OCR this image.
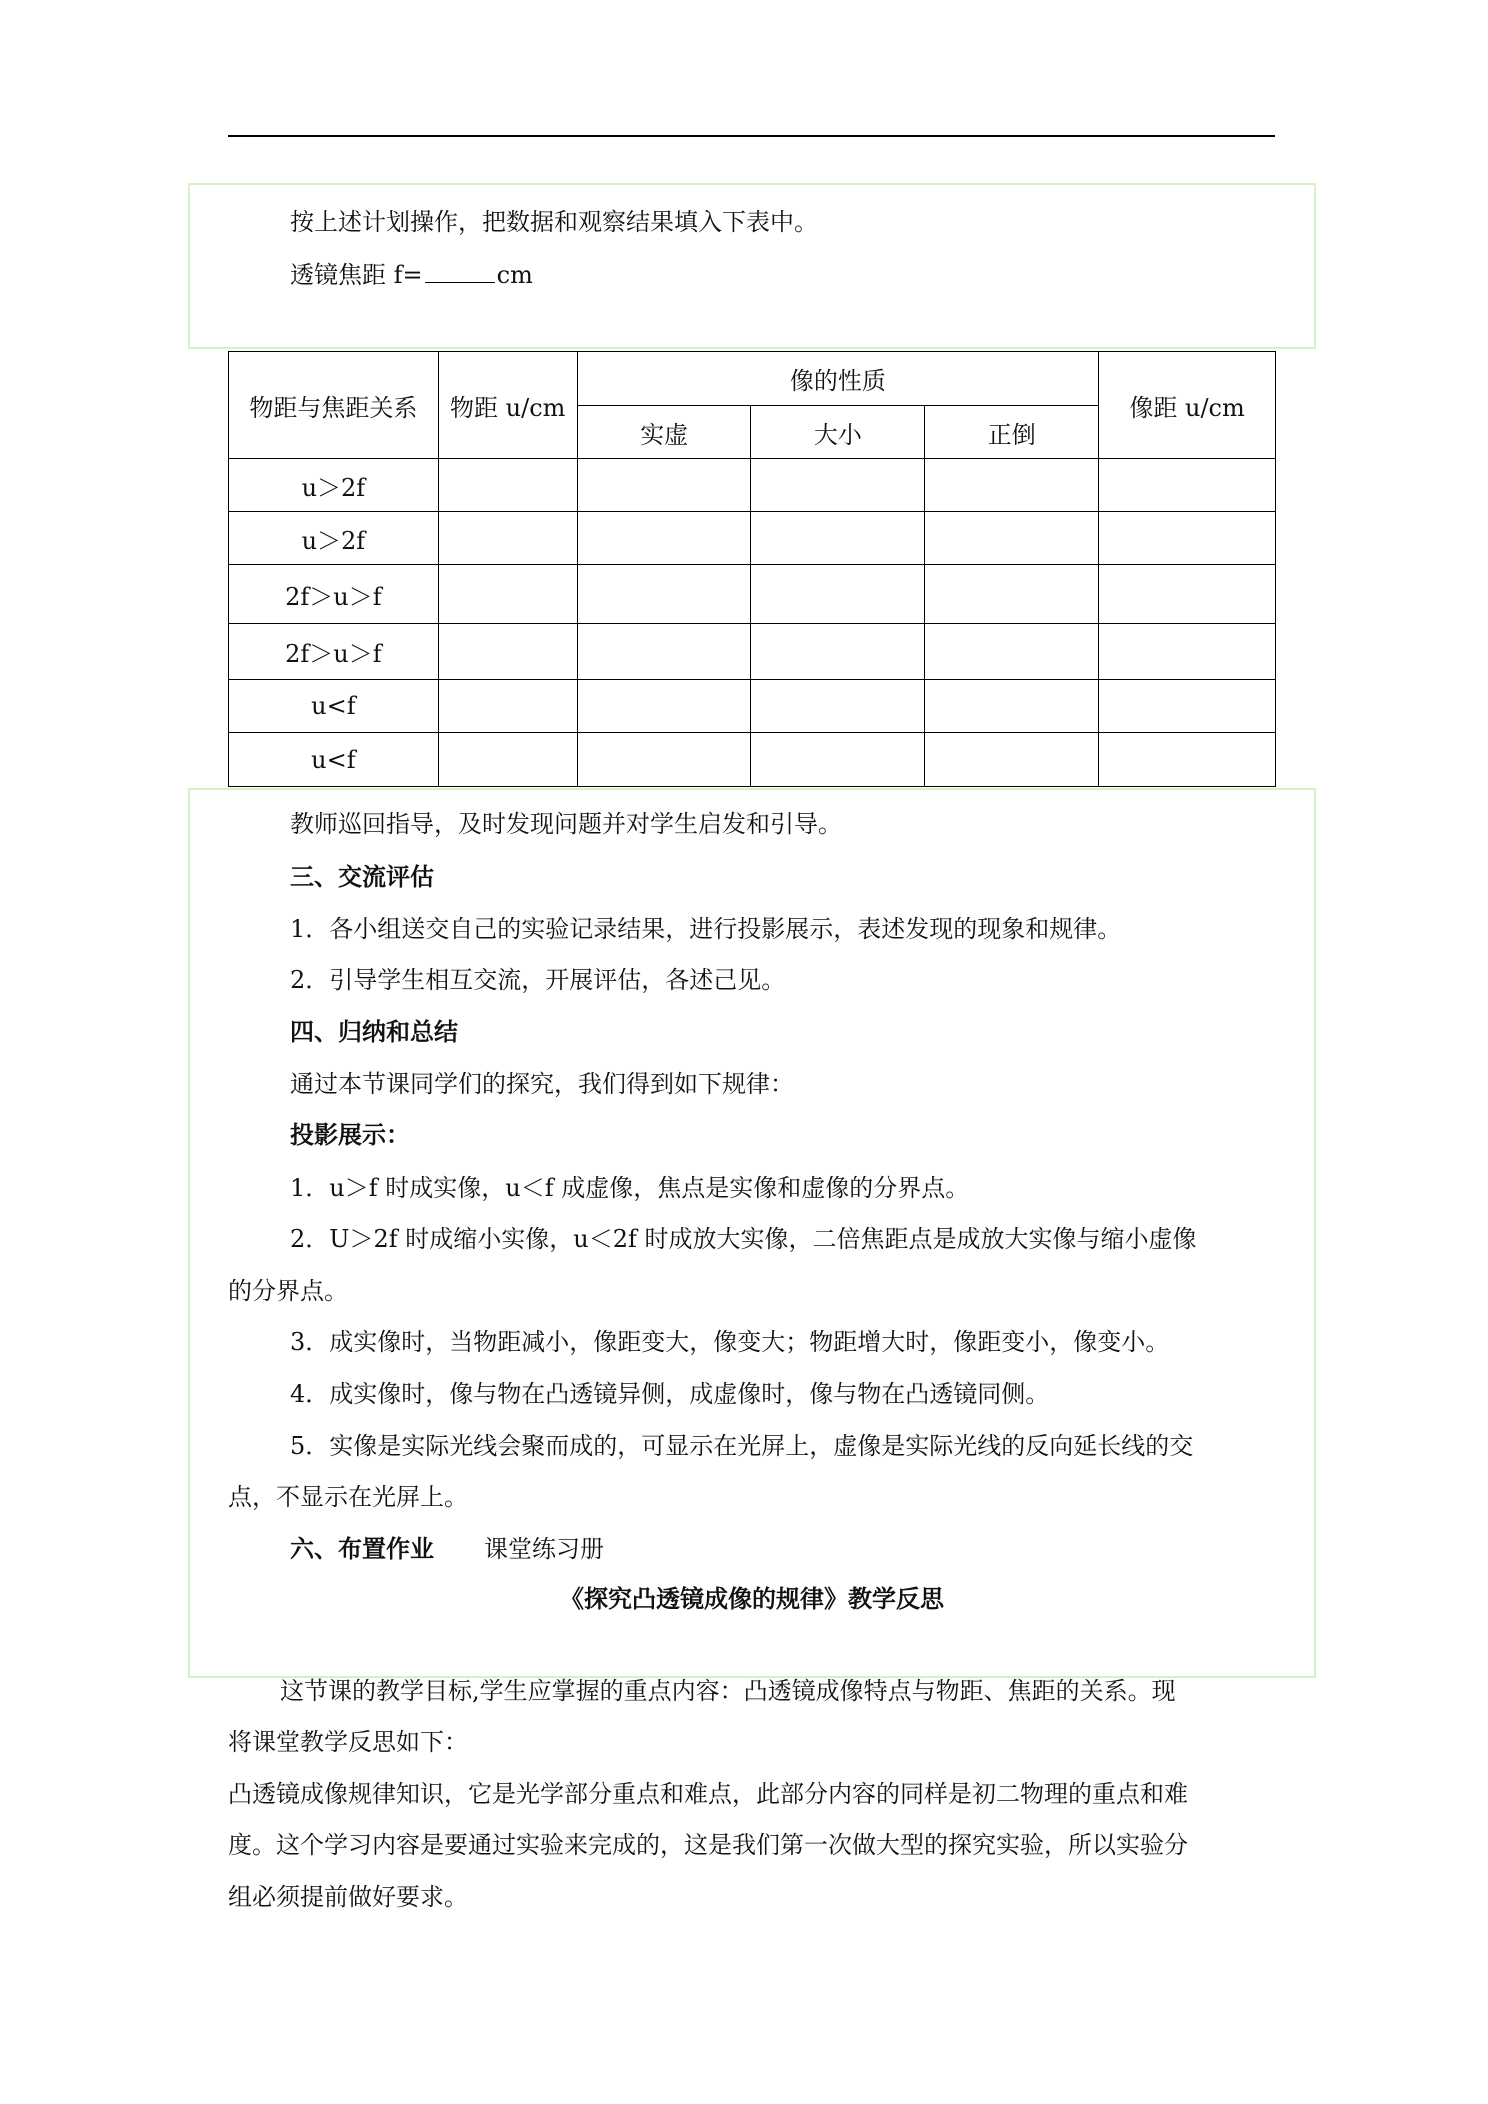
按上述计划操作，把数据和观察结果填入下表中。
透镜焦距 f=	cm
物距与焦距关系	物距 u/cm	像的性质			像距 u/cm
		实虚	大小	正倒	
u＞2f					
u＞2f					
2f＞u＞f					
2f＞u＞f					
u<f					
u<f					
教师巡回指导，及时发现问题并对学生启发和引导。
三、交流评估
1．各小组送交自己的实验记录结果，进行投影展示，表述发现的现象和规律。
2．引导学生相互交流，开展评估，各述己见。
四、归纳和总结
通过本节课同学们的探究，我们得到如下规律：
投影展示：
1．u＞f 时成实像，u＜f 成虚像，焦点是实像和虚像的分界点。
2．U＞2f 时成缩小实像，u＜2f 时成放大实像，二倍焦距点是成放大实像与缩小虚像
的分界点。
3．成实像时，当物距减小，像距变大，像变大；物距增大时，像距变小，像变小。
4．成实像时，像与物在凸透镜异侧，成虚像时，像与物在凸透镜同侧。
5．实像是实际光线会聚而成的，可显示在光屏上，虚像是实际光线的反向延长线的交
点，不显示在光屏上。
六、布置作业 课堂练习册
《探究凸透镜成像的规律》教学反思
这节课的教学目标,学生应掌握的重点内容：凸透镜成像特点与物距、焦距的关系。现
将课堂教学反思如下：
凸透镜成像规律知识，它是光学部分重点和难点，此部分内容的同样是初二物理的重点和难
度。这个学习内容是要通过实验来完成的，这是我们第一次做大型的探究实验，所以实验分
组必须提前做好要求。
